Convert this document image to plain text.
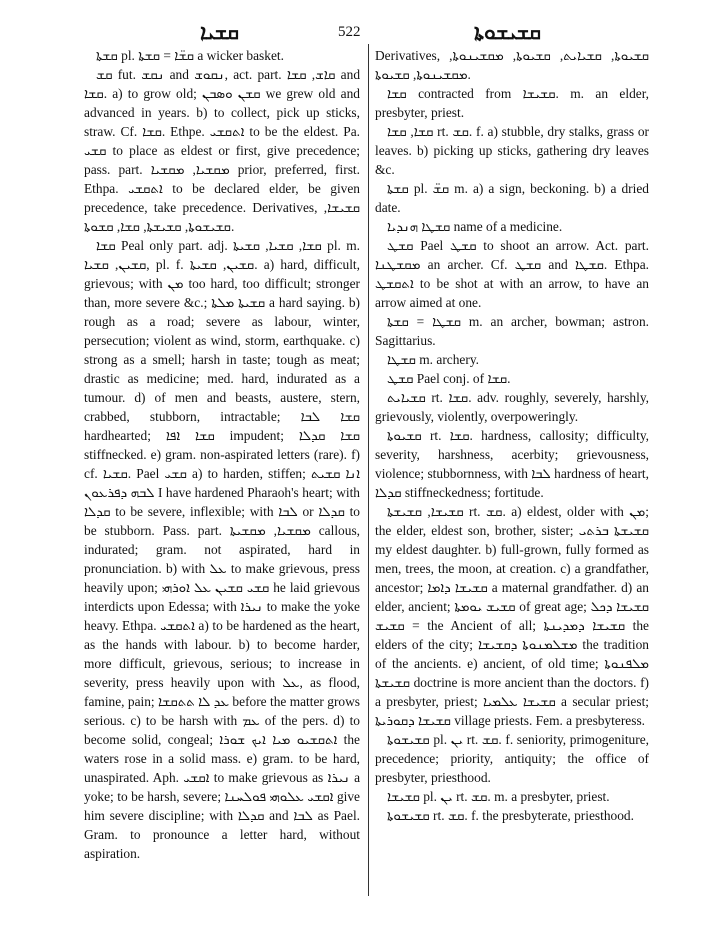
ܩܫܝܐ	522	ܩܫܝܫܘܬܐ

ܩܫܬܐ pl. ܩܫ̈ܐ = ܩܫܬܐ a wicker basket.

ܩܫ fut. ܢܩܫ and ܢܩܘܫ, act. part. ܩܐܫ, ܩܫܐ and ܩܫܐ. a) to grow old; ܩܫܢ ܘܣܒܢ we grew old and advanced in years. b) to collect, pick up sticks, straw. Cf. ܩܫܐ. Ethpe. ܐܬܩܫܝ to be the eldest. Pa. ܩܫܝ to place as eldest or first, give precedence; pass. part. ܡܩܫܝܐ, ܡܩܫܝܐ prior, preferred, first. Ethpa. ܐܬܩܫܝ to be declared elder, be given precedence, take precedence. Derivatives, ܩܫܝܫܐ, ܩܫܝܫܘܬܐ, ܩܫܝܫܬܐ, ܩܫܐ, ܩܫܘܬܐ.

ܩܫܐ Peal only part. adj. ܩܫܐ, ܩܫܝܐ, ܩܫܝܬܐ pl. m. ܩܫܝܢ, ܩܫܝܐ, pl. f. ܩܫܝܢ, ܩܫܝܬܐ. a) hard, difficult, grievous; with ܡܢ too hard, too difficult; stronger than, more severe &c.; ܩܫܝܬܐ ܡܠܬܐ a hard saying. b) rough as a road; severe as labour, winter, persecution; violent as wind, storm, earthquake. c) strong as a smell; harsh in taste; tough as meat; drastic as medicine; med. hard, indurated as a tumour. d) of men and beasts, austere, stern, crabbed, stubborn, intractable; ܩܫܐ ܠܒܐ hardhearted; ܩܫܐ ܐܦܐ impudent; ܩܫܐ ܩܕܠܐ stiffnecked. e) gram. non-aspirated letters (rare). f) cf. ܩܫܝܐ. Pael ܩܫܝ a) to harden, stiffen; ܐܢܐ ܩܫܝܬ ܠܒܗ ܕܦܪܥܘܢ I have hardened Pharaoh's heart; with ܩܕܠܐ to be severe, inflexible; with ܠܒܐ or ܩܕܠܐ to be stubborn. Pass. part. ܡܩܫܝܐ, ܡܩܫܝܬܐ callous, indurated; gram. not aspirated, hard in pronunciation. b) with ܥܠ to make grievous, press heavily upon; ܩܫܝ ܩܫܝܢ ܥܠ ܐܘܪܗܝ he laid grievous interdicts upon Edessa; with ܢܝܪܐ to make the yoke heavy. Ethpa. ܐܬܩܫܝ a) to be hardened as the heart, as the hands with labour. b) to become harder, more difficult, grievous, serious; to increase in severity, press heavily upon with ܥܠ, as flood, famine, pain; ܥܕ ܠܐ ܬܬܩܫܐ before the matter grows serious. c) to be harsh with ܥܡ of the pers. d) to become solid, congeal; ܐܬܩܫܝܘ ܡܝܐ ܐܝܟ ܫܘܪܐ the waters rose in a solid mass. e) gram. to be hard, unaspirated. Aph. ܐܩܫܝ to make grievous as ܢܝܪܐ a yoke; to be harsh, severe; ܐܩܫܝ ܥܠܘܗܝ ܦܘܠܚܢܐ give him severe discipline; with ܩܕܠܐ and ܠܒܐ as Pael. Gram. to pronounce a letter hard, without aspiration.

Derivatives, ܩܫܝܘܬܐ, ܩܫܝܐܝܬ, ܩܫܝܘܬܐ, ܡܩܫܝܢܘܬܐ, ܡܩܫܝܢܘܬܐ, ܩܫܝܘܬܐ.

ܩܫܐ contracted from ܩܫܝܫܐ. m. an elder, presbyter, priest.

ܩܫܐ, ܩܫܐ rt. ܩܫ. f. a) stubble, dry stalks, grass or leaves. b) picking up sticks, gathering dry leaves &c.

ܩܫܬܐ pl. ܩܫ̈ m. a) a sign, beckoning. b) a dried date.

ܩܫܛܐ ܗܢܕܝܐ name of a medicine.

ܩܫܛ Pael ܩܫܛ to shoot an arrow. Act. part. ܡܩܫܛܢܐ an archer. Cf. ܩܫܛ and ܩܫܛܐ. Ethpa. ܐܬܩܫܛ to be shot at with an arrow, to have an arrow aimed at one.

ܩܫܛܐ = ܩܫܬܐ m. an archer, bowman; astron. Sagittarius.

ܩܫܛܐ m. archery.

ܩܫܛ Pael conj. of ܩܫܐ.

ܩܫܝܐܝܬ rt. ܩܫܐ. adv. roughly, severely, harshly, grievously, violently, overpoweringly.

ܩܫܝܘܬܐ rt. ܩܫܐ. hardness, callosity; difficulty, severity, harshness, acerbity; grievousness, violence; stubbornness, with ܠܒܐ hardness of heart, ܩܕܠܐ stiffneckedness; fortitude.

ܩܫܝܫܐ, ܩܫܝܫܬܐ rt. ܩܫ. a) eldest, older with ܡܢ; the elder, eldest son, brother, sister; ܩܫܝܫܬܐ ܒܪܬܝ my eldest daughter. b) full-grown, fully formed as men, trees, the moon, at creation. c) a grandfather, ancestor; ܩܫܝܫܐ ܕܐܡܐ a maternal grandfather. d) an elder, ancient; ܩܫܝܫ ܝܘܡܬܐ of great age; ܩܫܝܫܐ ܕܟܠ = ܩܫܝܫ the Ancient of all; ܩܫܝܫܐ ܕܡܕܝܢܬܐ the elders of the city; ܡܫܠܡܢܘܬܐ ܕܩܫܝܫܐ the tradition of the ancients. e) ancient, of old time; ܡܠܦܢܘܬܐ ܩܫܝܫܬܐ doctrine is more ancient than the doctors. f) a presbyter, priest; ܩܫܝܫܐ ܥܠܡܝܐ a secular priest; ܩܫܝܫܐ ܕܩܘܪܝܬܐ village priests. Fem. a presbyteress.

ܩܫܝܫܘܬܐ pl. ܝܢ rt. ܩܫ. f. seniority, primogeniture, precedence; priority, antiquity; the office of presbyter, priesthood.

ܩܫܝܫܐ pl. ܝܢ rt. ܩܫ. m. a presbyter, priest.

ܩܫܝܫܘܬܐ rt. ܩܫ. f. the presbyterate, priesthood.
